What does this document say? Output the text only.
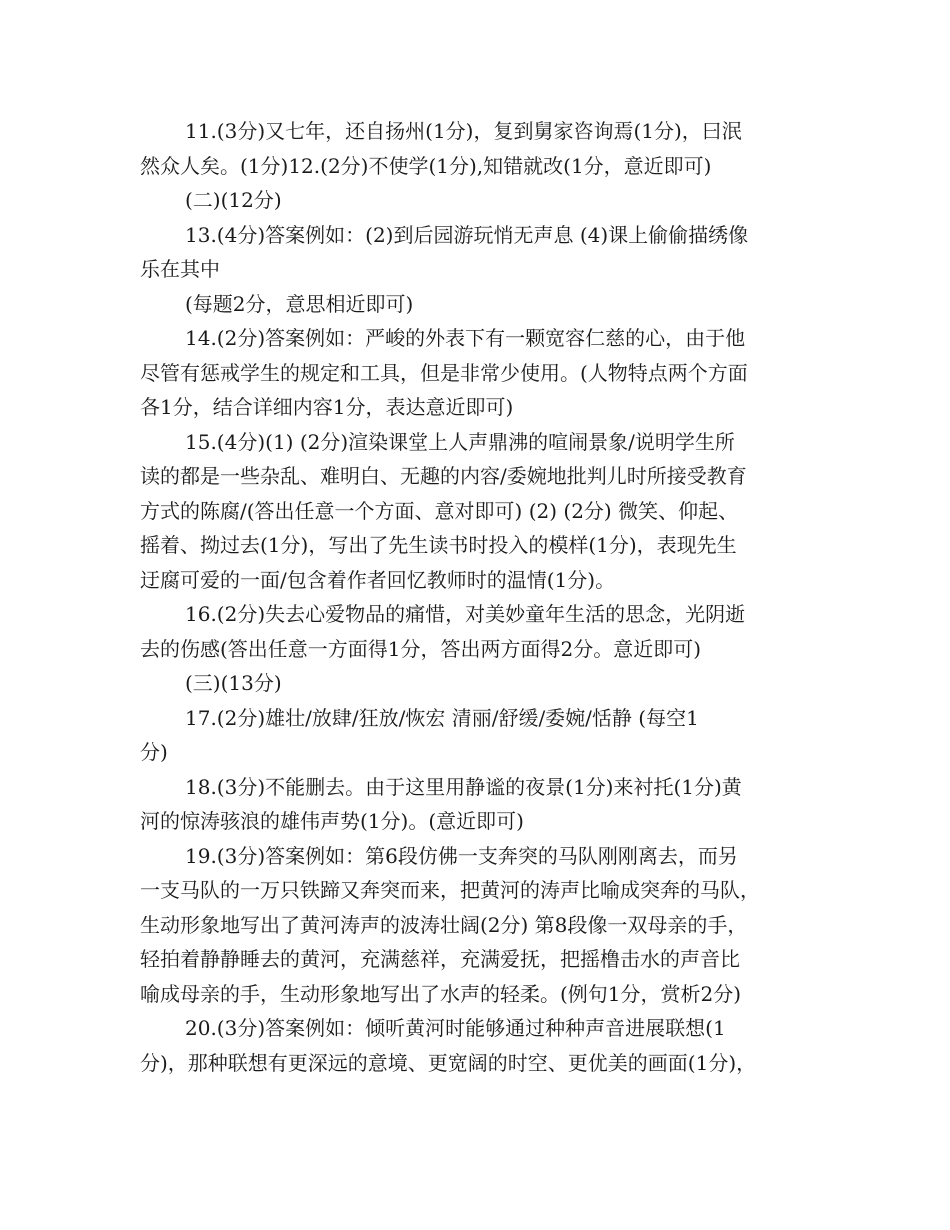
11.(3分)又七年，还自扬州(1分)，复到舅家咨询焉(1分)，曰泯
然众人矣。(1分)12.(2分)不使学(1分),知错就改(1分，意近即可)
(二)(12分)
13.(4分)答案例如：(2)到后园游玩悄无声息 (4)课上偷偷描绣像
乐在其中
(每题2分，意思相近即可)
14.(2分)答案例如：严峻的外表下有一颗宽容仁慈的心，由于他
尽管有惩戒学生的规定和工具，但是非常少使用。(人物特点两个方面
各1分，结合详细内容1分，表达意近即可)
15.(4分)(1) (2分)渲染课堂上人声鼎沸的喧闹景象/说明学生所
读的都是一些杂乱、难明白、无趣的内容/委婉地批判儿时所接受教育
方式的陈腐/(答出任意一个方面、意对即可) (2) (2分) 微笑、仰起、
摇着、拗过去(1分)，写出了先生读书时投入的模样(1分)，表现先生
迂腐可爱的一面/包含着作者回忆教师时的温情(1分)。
16.(2分)失去心爱物品的痛惜，对美妙童年生活的思念，光阴逝
去的伤感(答出任意一方面得1分，答出两方面得2分。意近即可)
(三)(13分)
17.(2分)雄壮/放肆/狂放/恢宏 清丽/舒缓/委婉/恬静 (每空1
分)
18.(3分)不能删去。由于这里用静谧的夜景(1分)来衬托(1分)黄
河的惊涛骇浪的雄伟声势(1分)。(意近即可)
19.(3分)答案例如：第6段仿佛一支奔突的马队刚刚离去，而另
一支马队的一万只铁蹄又奔突而来，把黄河的涛声比喻成突奔的马队，
生动形象地写出了黄河涛声的波涛壮阔(2分) 第8段像一双母亲的手，
轻拍着静静睡去的黄河，充满慈祥，充满爱抚，把摇橹击水的声音比
喻成母亲的手，生动形象地写出了水声的轻柔。(例句1分，赏析2分)
20.(3分)答案例如：倾听黄河时能够通过种种声音进展联想(1
分)，那种联想有更深远的意境、更宽阔的时空、更优美的画面(1分)，
